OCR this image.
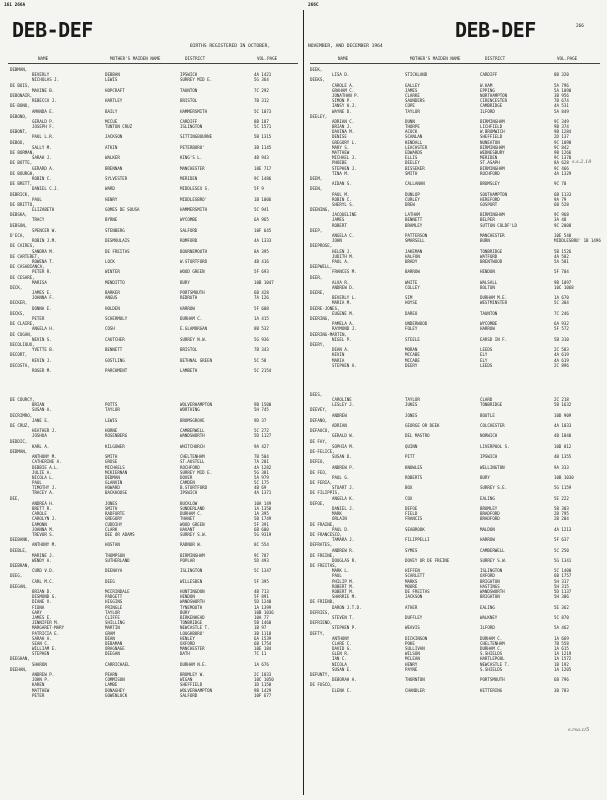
161 266A	266C
DEB-DEF	DEB-DEF	266
BIRTHS REGISTERED IN OCTOBER,	NOVEMBER, AND DECEMBER 1964
NAME	MOTHER'S MAIDEN NAME	DISTRICT	VOL.PAGE	NAME	MOTHER'S MAIDEN NAME	DISTRICT	VOL.PAGE
DEBMAN,
BEVERLY	DEBBAN	IPSWICH	4A 1421
NICHOLAS J.	LEWIS	SURREY MID E.	5G 364
DE BOIS,
MAXINE B.	HOPCRAFT	TAUNTON	7C 292
DEBONAIR,
REBECCA J.	HARTLEY	BRISTOL	7B 312
DE-BONO,
AMANDA E.	BAILY	HAMMERSMITH	5C 1073
DEBONO,
GERALD P.	MCCUE	CARDIFF	8B 187
JOSEPH F.	TUNTON CRUZ	ISLINGTON	5C 1571
DEBONT,
PAUL L.R.	JACKSON	SITTINGBOURNE	5B 1315
DEBOO,
SALLY M.	ATKIN	PETERBORO'	3B 1145
DE BORMAN,
SARAH J.	WALKER	KING'S L.	4B 943
DE BOTTE,
GERARD A.	BRENNAN	MANCHESTER	10E 717
DE BOURGH,
ROBIN C.	SYLVESTER	MERIDEN	9C 1486
DE BRETT,
DANIEL C.J.	WARD	MIDDLESEX S.	5F 9
DEBRICK,
PAUL	HENRY	MIDDLESBRO'	1B 1006
DE BRITTO,
ELIZABETH	GOMES DE SOUSA	HAMMERSMITH	5C 941
DEBSKA,
TRACY	BYRNE	WYCOMBE	6A 965
DEBSON,
SPENCER W.	STENBERG	SALFORD	10F 645
D'ECA,
ROBIN J.M.	DESMOULAIS	ROMFORD	4A 1333
DE CAIRES,
SANDRA M.	DE FREITAS	BOURNEMOUTH	8A 395
DE CARTERET,
ROWENA T.	LOCK	W.STORTFORD	4B 416
DE CASABIANCA,
PETER R.	WINTER	WOOD GREEN	5F 693
DE CESARE,
MARISA	MENDITTO	BURY	10B 1047
DECK,
JAMES E.	BARKER	PORTSMOUTH	6B 428
JOANNA F.	ANGUS	REDRUTH	7A 126
DECKER,
DONNA E.	HOLDEN	HARROW	5F 608
DECKS,
PETER	SCHERMULY	DURHAM C.	1A 415
DE CLAIRE,
ANGELA H.	COSH	E.GLAMORGAN	8B 532
DE COGAN,
NEVIN S.	CAUTCHER	SURREY N.W.	5G 936
DECOLIOUX,
YVETTE B.	BENNETT	BRISTOL	7B 343
DECORT,
KEVIN J.	GOSTLING	BETHNAL GREEN	5C 58
DECOSTA,
ROGER M.	PARCHMENT	LAMBETH	5C 2154
DE COURCY,
BRIAN	POTTS	WOLVERHAMPTON	9B 1500
SUSAN A.	TAYLOR	WORTHING	5H 745
DECRIMRO,
JANE E.	LEWIS	BROMSGROVE	9D 37
DE CRUZ,
HEATHER J.	HORNE	CAMBERWELL	5C 272
JOSHUA	ROSENBERG	WANDSWORTH	5D 1127
DEDDIC,
KARL A.	KILGOWER	WHITCHURCH	9A 427
DEDMAN,
ANTHONY M.	SMITH	CHELTENHAM	7B 504
CATHERINE A.	GROSE	ST.AUSTELL	7A 201
DEBBIE A.L.	MICHAELS	ROCHFORD	4A 1282
JULIE A.	MCKIERNAN	SURREY MID E.	5G 381
NICOLA L.	DEDMAN	DOVER	5A 979
PAUL	GLANVIN	CAMDEN	5C 175
TIMOTHY J.	HOWARD	B.STORTFORD	4B 69
TRACEY A.	BACKHOUSE	IPSWICH	4A 1371
DEE,
ANDREA H.	JONES	BUCKLOW	10A 149
BRETT R.	SMITH	SUNDERLAND	1A 1358
CAROLE	RADFORTE	DURHAM C.	1A 395
CAROLYN J.	GREGORY	THANET	5B 1749
EAMONN	CUDDIHY	WOOD GREEN	5F 391
JOANNA M.	CLARK	HAVANT	6B 600
TREVOR S.	DEE OR ADAMS	SURREY S.W.	5G 9319
DEEBANK,
ANTHONY M.	HOSTAN	RADNOR W.	8C 554
DEEBLE,
MARINE J.	THOMPSON	BIRMINGHAM	9C 787
WENDY A.	SUTHERLAND	POPLAR	5D 493
DEEBRAN,
CURD V.D.	DEENAYA	ISLINGTON	5C 1347
DEEG,
CARL M.C.	DEEG	WILLESDEN	5F 395
DEEGAN,
BRIAN D.	MCCRINDALE	HUNTINGDON	4B 713
DESMOND G.	PADGETT	HENDON	5F 891
DIANE V.	HIGGINS	WANDSWORTH	5D 1240
FIONA	PRINGLE	TYNEMOUTH	1A 1399
GARY	TAYLOR	BURY	10B 1036
JAMES E.	CLIFFE	BIRKENHEAD	10A 77
JENNIFER M.	SHILLING	TONBRIDGE	5B 1460
MARGARET-MARY	MARTIN	NEWCASTLE T.	1B 97
PATRICIA E.	GRAM	LOUGHBORO'	3B 1118
SARAH A.	DEAN	HENLEY	6A 1539
SEAN C.	DEBAMAN	OXFORD	6B 1754
WILLIAM E.	ORAGNAGE	MANCHESTER	10E 184
STEPHEN	DEEGAN	BATH	7C 11
DEEGHAN,
SHARON	CARRICHAEL	DURHAM N.E.	1A 676
DEEHAN,
ANDREW P.	PEARN	BROMLEY W.	2C 1033
JOHN P.	COMMISON	WIGAN	10C 1050
KAREN	LAMBE	SHEFFIELD	1D 1150
MATTHEW	DONAGHEY	WOLVERHAMPTON	9B 1429
PETER	GOWENLOCK	SALFORD	10F 677
DEEK,
LISA D.	STICKLAND	CARDIFF	8B 320
DEEKS,
CAROLE A.	GALLEY	W.HAM	5A 796
GRAHAM C.	JAMES	EPPING	5A 1090
JONATHAN P.	CLARKE	NORTHAMPTON	3B 956
SIMON P.	SAUNDERS	CIRENCESTER	7B 674
IANSY H.J.	COPE	CAMBRIDGE	4A 531
WAYNE D.	TAYLOR	ILFORD	5A 849
DEELEY,
ADRIAN C.	DUNN	BIRMINGHAM	9C 349
BRIAN J.	THORPE	LICHFIELD	9B 374
DAVINA M.	ACOCK	W.BROMWICH	9B 1284
DENISE	SCANLAN	SHEFFIELD	2D 137
GREGORY L.	KENDALL	NUNEATON	9C 1098
MARY S.	LEACHSTER	BIRMINGHAM	9C 842
MATTHEW	EDWARDS	WEDNESBURY	9B 1266
MICHAEL J.	ELLIS	MERIDEN	9C 1370
PHOEBE	DEELEY	ST.ASAPH	8A 628
STEPHEN J.	BISSEKER	BIRMINGHAM	9C 466
TINA M.	SMITH	ROCHFORD	4A 1329
DEEM,
AIDAN S.	CALLANAN	BROMSLEY	9C 70
DEEN,
PAUL M.	DUNLOP	SOUTHAMPTON	6B 1133
ROBIN C.	CURLEY	HEREFORD	9A 79
SHERYL S.	DREW	GOSPORT	6B 528
DEENING,
JACQUELINE	LATHAM	BIRMINGHAM	9C 968
JAMES	BENNETT	BELPER	3A 48
ROBERT	BRAMLEY	SUTTON COLDF'LD	9C 2008
DEEP,
ANGELA C.	PATTERSON	MANCHESTER	10E 540
JOHN	SMARSELL	BURN	MIDDLESBRO' 1B 1496
DEEPROSE,
HELEN J.	JAKEMAN	TONBRIDGE	5B 1526
JUDITH M.	HALFON	WATFORD	4A 582
PAUL A.	BRADY	BRENTWOOD	5A 581
DEEPWELL,
FRANCES M.	BARROW	HENDON	5F 704
DEER,
ALVA R.	WHITE	WALSALL	9B 1097
ANDREW D.	COLLEY	BOLTON	10C 1068
DEERE,
BEVERLY L.	SIM	DURHAM M.E.	1A 670
MARIA M.	HOYSE	WESTMINSTER	5C 304
DEERE-JONES,
EUGENE M.	DAREO	TAUNTON	7C 246
DEERING,
PAMELA A.	UNDERWOOD	WYCOMBE	6A 932
RAYMOND J.	FOLEY	HARROW	5F 572
DEERING-MARTIN,
NIGEL P.	STEELE	EARSD IN F.	5B 310
DEERY,
DEAN A.	MORAN	LEEDS	2C 583
KEVIN	MCCABE	ELY	4A 619
MARIA	MCCABE	ELY	4A 619
STEPHEN A.	DEERY	LEEDS	2C 896
DEES,
CAROLINE	TAYLOR	CLARD	2C 218
LESLEY J.	JUKES	TONBRIDGE	5B 1632
DEEVEY,
ANDREW	JONES	BOOTLE	10D 909
DEFANO,
ADRIAN	GEORGE OR DEEK	COLCHESTER	4A 1033
DEFAUCO,
GERALD W.	DEL MASTRO	NORWICH	4B 1040
DE FAY,
SOPHIA M.	QUINN	LIVERPOOL S.	10D 812
DE-FELICE,
SUSAN D.	PITT	IPSWICH	4B 1355
DEFEO,
ANDREW P.	KNOWLES	WELLINGTON	9A 333
DE FEO,
PAUL G.	ROBERTS	BURY	10B 1030
DE FERIA,
STUART J.	BOX	SURREY S.E.	5G 1159
DE FILIPPIS,
ANGELA K.	COX	EALING	5E 222
DEFOE,
DANIEL J.	DEFOE	BROMLEY	5B 303
MARK	FIELD	BRADFORD	2B 795
ORLAIN	FRANCIS	BRADFORD	2B 204
DE FRAINE,
PAUL D.	SEABROOK	MALDON	4A 1213
DE FRANCESCO,
TAMARA J.	FILIPPELLI	HARROW	5F 637
DEFRATES,
ANDREW R.	SYMES	CAMBERWELL	5C 250
DE FREINE,
DOUGLAS R.	DOVEY OR DE FREINE	SURREY S.W.	5G 1341
DE FREITAS,
MARK L.	HIFFEN	ISLINGTON	5C 1400
PAUL	SCARLETT	OXFORD	6B 1757
PHILIP M.	MARKS	BRIGHTON	5H 317
ROBERT M.	MOORE	HASTINGS	5H 315
ROBERT M.	DE FREITAS	WANDSWORTH	5D 1137
SHARRIE M.	JACKSON	BRIGHTON	5H 306
DE FRIEND,
DARON J.T.D.	ATHER	EALING	5E 362
DEFRIES,
STEVEN T.	DUFFLEY	WALKNEY	5C 870
DEFRIEND,
STEPHEN P.	WEAVIS	ILFORD	5A 462
DEFTY,
ANTHONY	DICKINSON	DURHAM C.	1A 669
CLARE C.	POKE	CHELTENHAM	7B 558
DAVID G.	SULLIVAN	DURHAM C.	1A 615
GLEN R.	WILSON	S.SHIELDS	1A 1219
IAN C.	MCLEAN	HARTLEPOOL	1A 1572
NICOLA	HENRY	NEWCASTLE T.	1B 192
SUSAN E.	PAYNE	S.SHIELDS	1A 1205
DEFUNTY,
DEBORAH A.	THORNTON	PORTSMOUTH	6B 796
DE FUSCO,
ELENA C.	CHANDLER	KETTERING	3B 783
s.s.2.18
s.rsa.c/5
